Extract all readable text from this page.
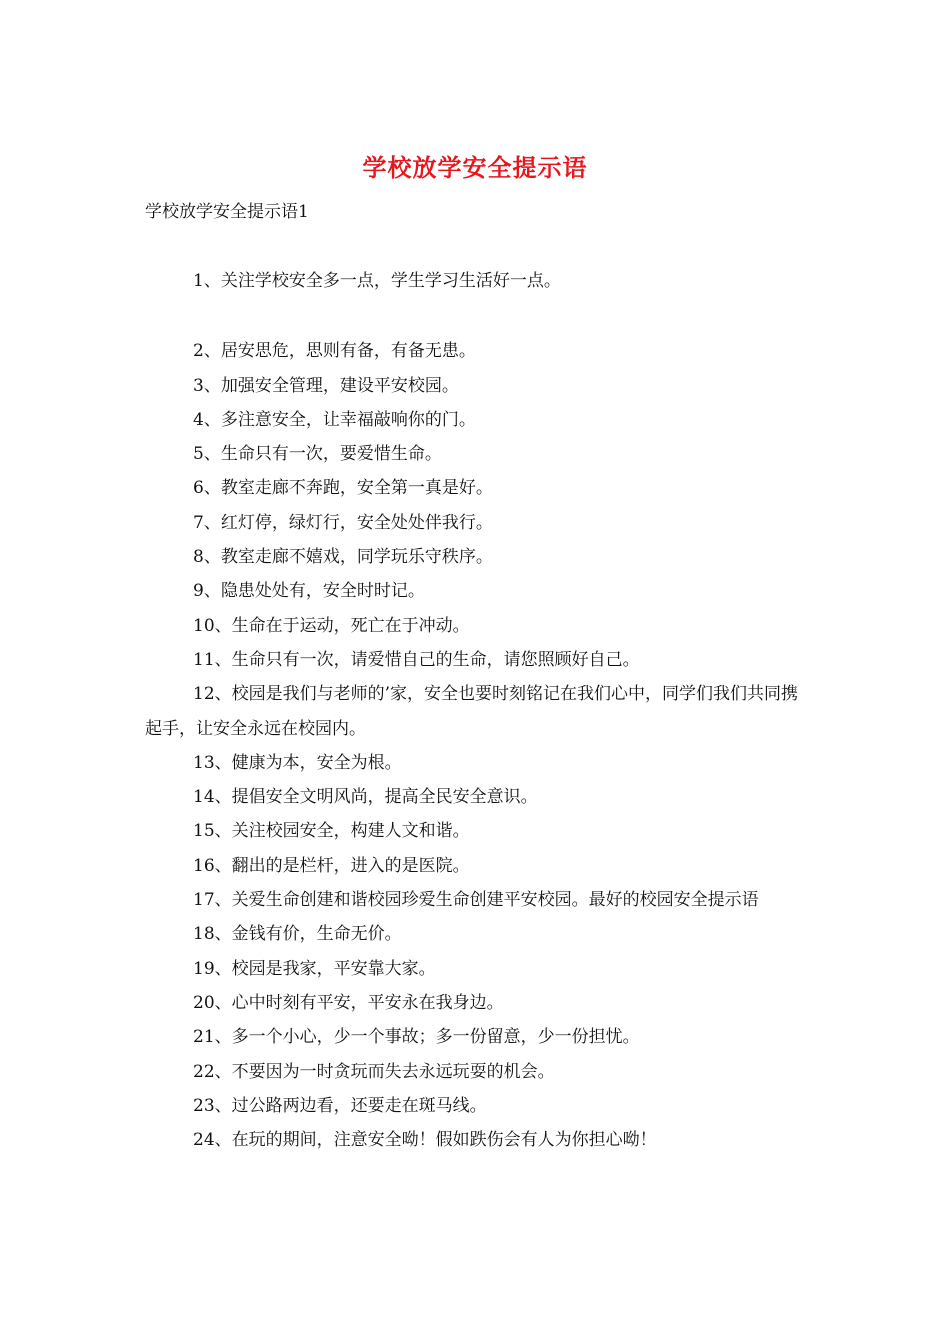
学校放学安全提示语
学校放学安全提示语1

1、关注学校安全多一点，学生学习生活好一点。

2、居安思危，思则有备，有备无患。

3、加强安全管理，建设平安校园。

4、多注意安全，让幸福敲响你的门。

5、生命只有一次，要爱惜生命。

6、教室走廊不奔跑，安全第一真是好。

7、红灯停，绿灯行，安全处处伴我行。

8、教室走廊不嬉戏，同学玩乐守秩序。

9、隐患处处有，安全时时记。

10、生命在于运动，死亡在于冲动。

11、生命只有一次，请爱惜自己的生命，请您照顾好自己。

12、校园是我们与老师的’家，安全也要时刻铭记在我们心中，同学们我们共同携起手，让安全永远在校园内。

13、健康为本，安全为根。

14、提倡安全文明风尚，提高全民安全意识。

15、关注校园安全，构建人文和谐。

16、翻出的是栏杆，进入的是医院。

17、关爱生命创建和谐校园珍爱生命创建平安校园。最好的校园安全提示语

18、金钱有价，生命无价。

19、校园是我家，平安靠大家。

20、心中时刻有平安，平安永在我身边。

21、多一个小心，少一个事故；多一份留意，少一份担忧。

22、不要因为一时贪玩而失去永远玩耍的机会。

23、过公路两边看，还要走在斑马线。

24、在玩的期间，注意安全呦！假如跌伤会有人为你担心呦！
